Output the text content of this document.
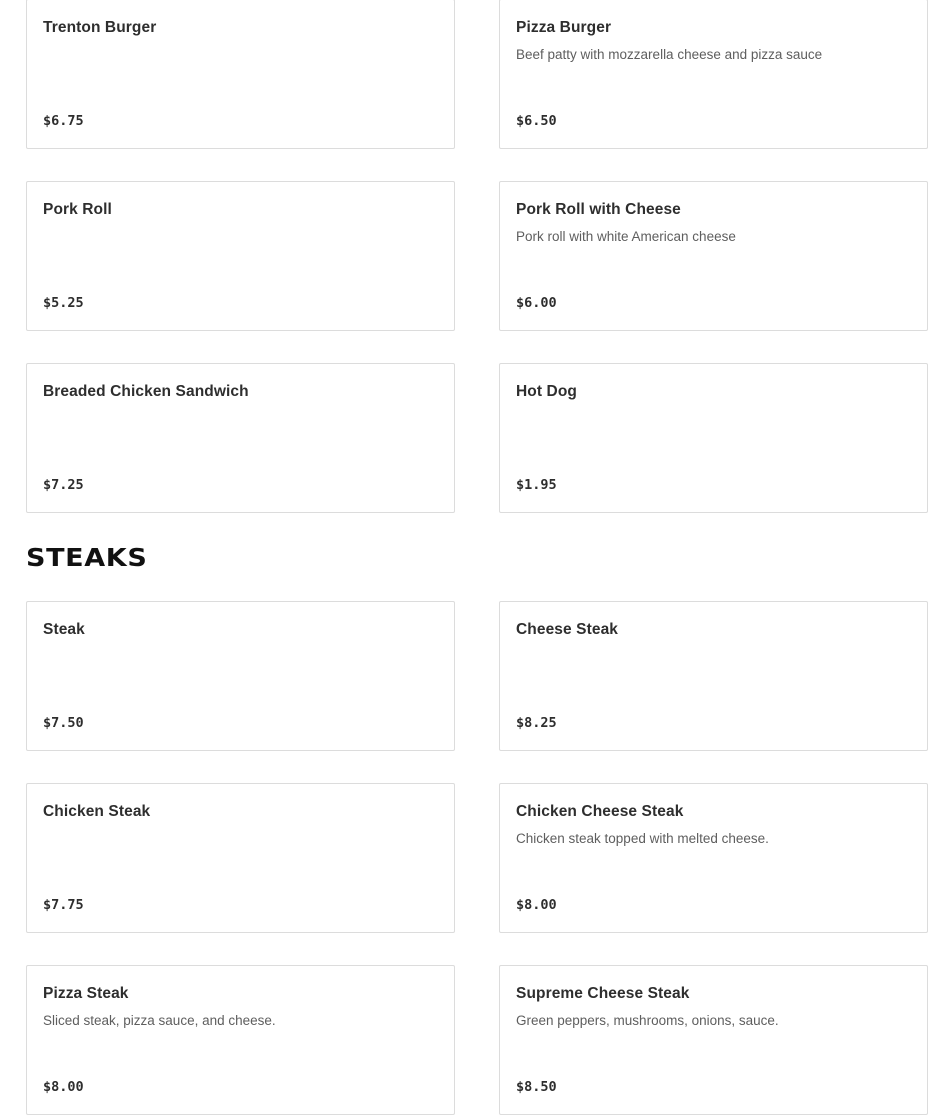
Trenton Burger
$6.75
Pizza Burger
Beef patty with mozzarella cheese and pizza sauce
$6.50
Pork Roll
$5.25
Pork Roll with Cheese
Pork roll with white American cheese
$6.00
Breaded Chicken Sandwich
$7.25
Hot Dog
$1.95
STEAKS
Steak
$7.50
Cheese Steak
$8.25
Chicken Steak
$7.75
Chicken Cheese Steak
Chicken steak topped with melted cheese.
$8.00
Pizza Steak
Sliced steak, pizza sauce, and cheese.
$8.00
Supreme Cheese Steak
Green peppers, mushrooms, onions, sauce.
$8.50
